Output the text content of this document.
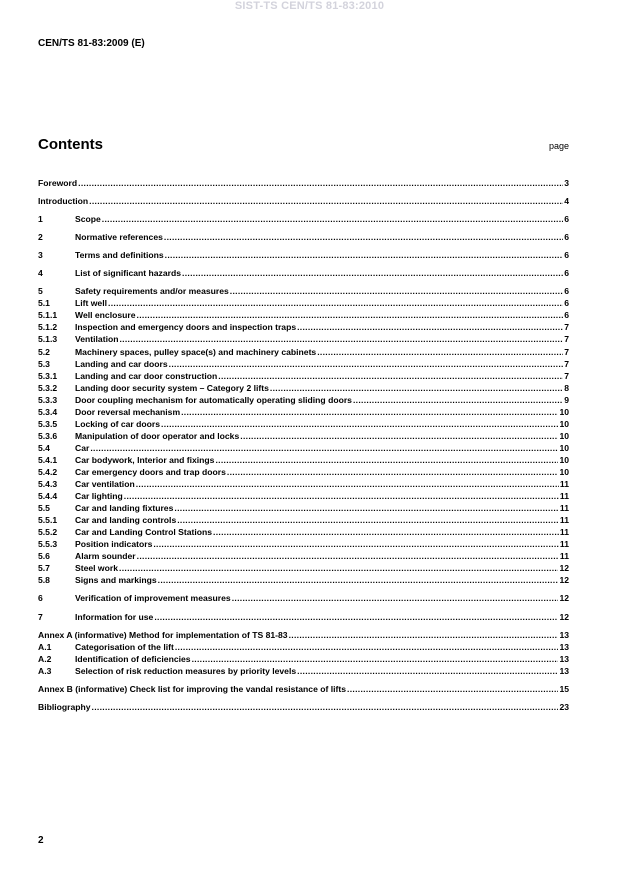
SIST-TS CEN/TS 81-83:2010
CEN/TS 81-83:2009 (E)
Contents	page
Foreword .....	3
Introduction .....	4
1	Scope .....	6
2	Normative references .....	6
3	Terms and definitions .....	6
4	List of significant hazards .....	6
5	Safety requirements and/or measures .....	6
5.1	Lift well .....	6
5.1.1	Well enclosure .....	6
5.1.2	Inspection and emergency doors and inspection traps .....	7
5.1.3	Ventilation .....	7
5.2	Machinery spaces, pulley space(s) and machinery cabinets .....	7
5.3	Landing and car doors .....	7
5.3.1	Landing and car door construction .....	7
5.3.2	Landing door security system – Category 2 lifts .....	8
5.3.3	Door coupling mechanism for automatically operating sliding doors .....	9
5.3.4	Door reversal mechanism .....	10
5.3.5	Locking of car doors .....	10
5.3.6	Manipulation of door operator and locks .....	10
5.4	Car .....	10
5.4.1	Car bodywork, Interior and fixings .....	10
5.4.2	Car emergency doors and trap doors .....	10
5.4.3	Car ventilation .....	11
5.4.4	Car lighting .....	11
5.5	Car and landing fixtures .....	11
5.5.1	Car and landing controls .....	11
5.5.2	Car and Landing Control Stations .....	11
5.5.3	Position indicators .....	11
5.6	Alarm sounder .....	11
5.7	Steel work .....	12
5.8	Signs and markings .....	12
6	Verification of improvement measures .....	12
7	Information for use .....	12
Annex A (informative) Method for implementation of TS 81-83 .....	13
A.1	Categorisation of the lift .....	13
A.2	Identification of deficiencies .....	13
A.3	Selection of risk reduction measures by priority levels .....	13
Annex B (informative) Check list for improving the vandal resistance of lifts .....	15
Bibliography .....	23
2
